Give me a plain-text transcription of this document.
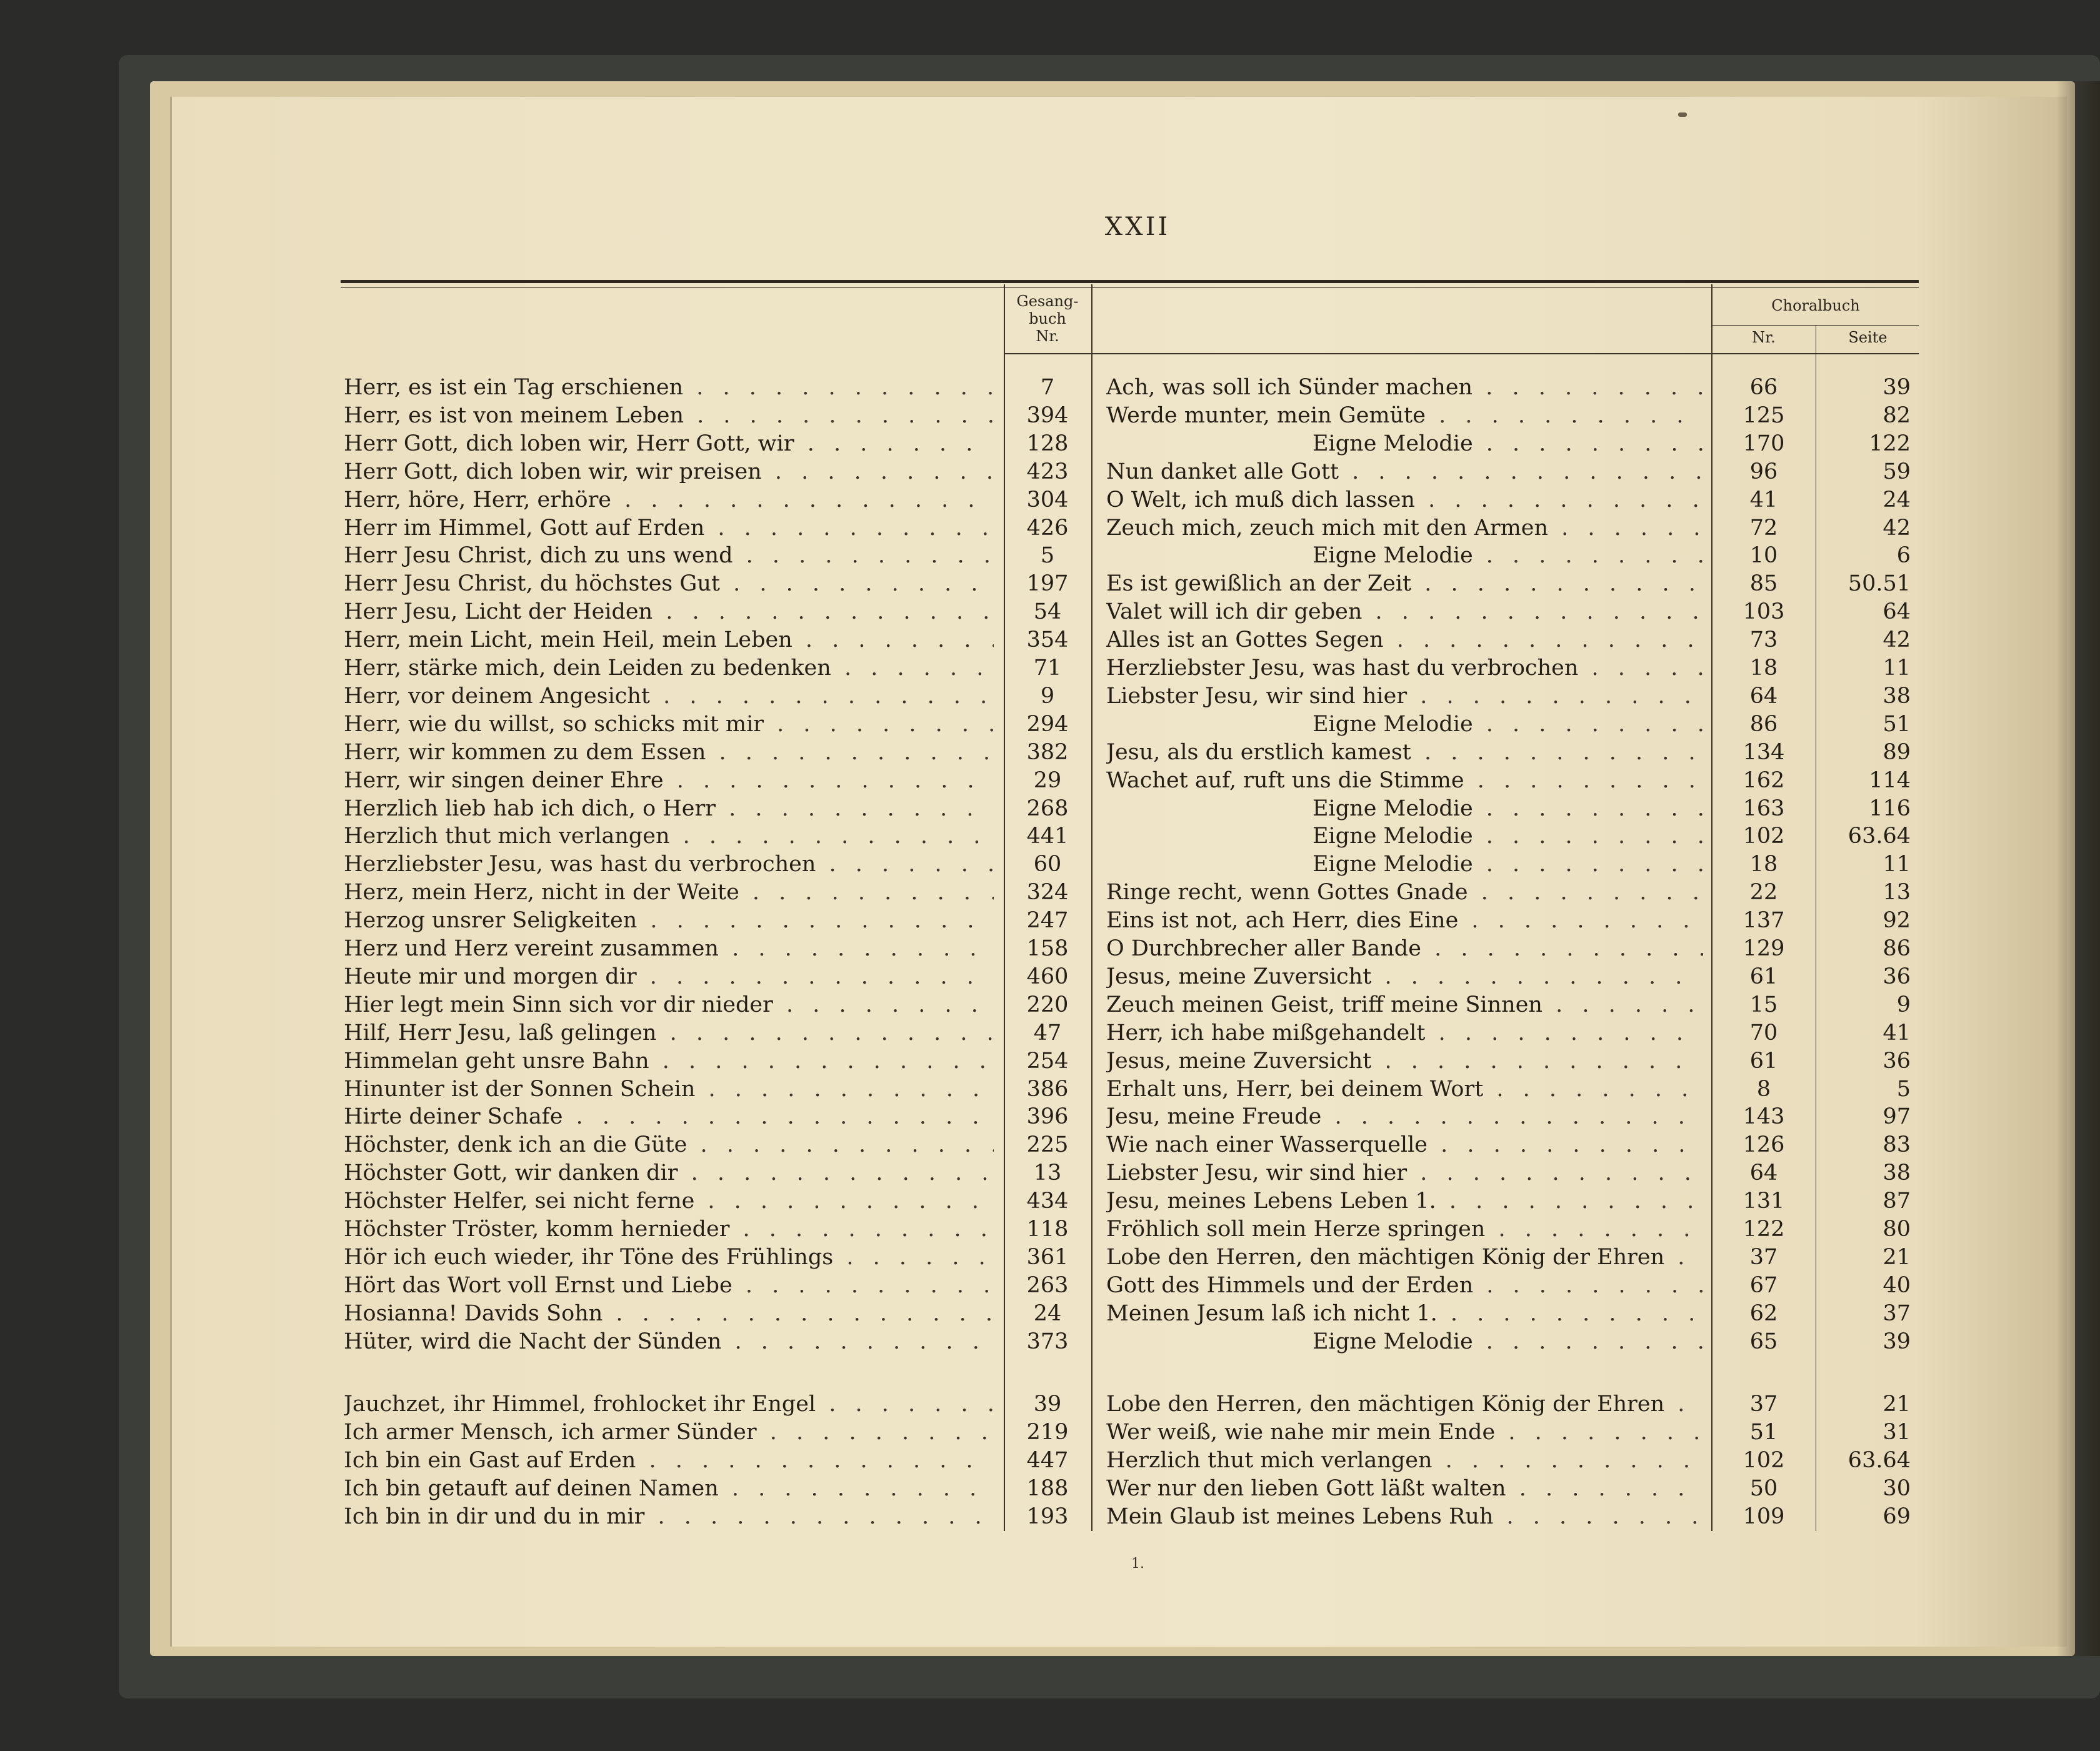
XXII
Gesang-
buch
Nr.
Choralbuch
Nr.	Seite
Herr, es ist ein Tag erschienen . . .	7	Ach, was soll ich Sünder machen . . .	66	39
Herr, es ist von meinem Leben . . .	394	Werde munter, mein Gemüte . . .	125	82
Herr Gott, dich loben wir, Herr Gott, wir . . .	128	Eigne Melodie . . .	170	122
Herr Gott, dich loben wir, wir preisen . . .	423	Nun danket alle Gott . . .	96	59
Herr, höre, Herr, erhöre . . .	304	O Welt, ich muß dich lassen . . .	41	24
Herr im Himmel, Gott auf Erden . . .	426	Zeuch mich, zeuch mich mit den Armen . . .	72	42
Herr Jesu Christ, dich zu uns wend . . .	5	Eigne Melodie . . .	10	6
Herr Jesu Christ, du höchstes Gut . . .	197	Es ist gewißlich an der Zeit . . .	85	50.51
Herr Jesu, Licht der Heiden . . .	54	Valet will ich dir geben . . .	103	64
Herr, mein Licht, mein Heil, mein Leben . . .	354	Alles ist an Gottes Segen . . .	73	42
Herr, stärke mich, dein Leiden zu bedenken . . .	71	Herzliebster Jesu, was hast du verbrochen . . .	18	11
Herr, vor deinem Angesicht . . .	9	Liebster Jesu, wir sind hier . . .	64	38
Herr, wie du willst, so schicks mit mir . . .	294	Eigne Melodie . . .	86	51
Herr, wir kommen zu dem Essen . . .	382	Jesu, als du erstlich kamest . . .	134	89
Herr, wir singen deiner Ehre . . .	29	Wachet auf, ruft uns die Stimme . . .	162	114
Herzlich lieb hab ich dich, o Herr . . .	268	Eigne Melodie . . .	163	116
Herzlich thut mich verlangen . . .	441	Eigne Melodie . . .	102	63.64
Herzliebster Jesu, was hast du verbrochen . . .	60	Eigne Melodie . . .	18	11
Herz, mein Herz, nicht in der Weite . . .	324	Ringe recht, wenn Gottes Gnade . . .	22	13
Herzog unsrer Seligkeiten . . .	247	Eins ist not, ach Herr, dies Eine . . .	137	92
Herz und Herz vereint zusammen . . .	158	O Durchbrecher aller Bande . . .	129	86
Heute mir und morgen dir . . .	460	Jesus, meine Zuversicht . . .	61	36
Hier legt mein Sinn sich vor dir nieder . . .	220	Zeuch meinen Geist, triff meine Sinnen . . .	15	9
Hilf, Herr Jesu, laß gelingen . . .	47	Herr, ich habe mißgehandelt . . .	70	41
Himmelan geht unsre Bahn . . .	254	Jesus, meine Zuversicht . . .	61	36
Hinunter ist der Sonnen Schein . . .	386	Erhalt uns, Herr, bei deinem Wort . . .	8	5
Hirte deiner Schafe . . .	396	Jesu, meine Freude . . .	143	97
Höchster, denk ich an die Güte . . .	225	Wie nach einer Wasserquelle . . .	126	83
Höchster Gott, wir danken dir . . .	13	Liebster Jesu, wir sind hier . . .	64	38
Höchster Helfer, sei nicht ferne . . .	434	Jesu, meines Lebens Leben 1. . . .	131	87
Höchster Tröster, komm hernieder . . .	118	Fröhlich soll mein Herze springen . . .	122	80
Hör ich euch wieder, ihr Töne des Frühlings . . .	361	Lobe den Herren, den mächtigen König der Ehren . . .	37	21
Hört das Wort voll Ernst und Liebe . . .	263	Gott des Himmels und der Erden . . .	67	40
Hosianna! Davids Sohn . . .	24	Meinen Jesum laß ich nicht 1. . . .	62	37
Hüter, wird die Nacht der Sünden . . .	373	Eigne Melodie . . .	65	39
Jauchzet, ihr Himmel, frohlocket ihr Engel . . .	39	Lobe den Herren, den mächtigen König der Ehren . . .	37	21
Ich armer Mensch, ich armer Sünder . . .	219	Wer weiß, wie nahe mir mein Ende . . .	51	31
Ich bin ein Gast auf Erden . . .	447	Herzlich thut mich verlangen . . .	102	63.64
Ich bin getauft auf deinen Namen . . .	188	Wer nur den lieben Gott läßt walten . . .	50	30
Ich bin in dir und du in mir . . .	193	Mein Glaub ist meines Lebens Ruh . . .	109	69
1.
